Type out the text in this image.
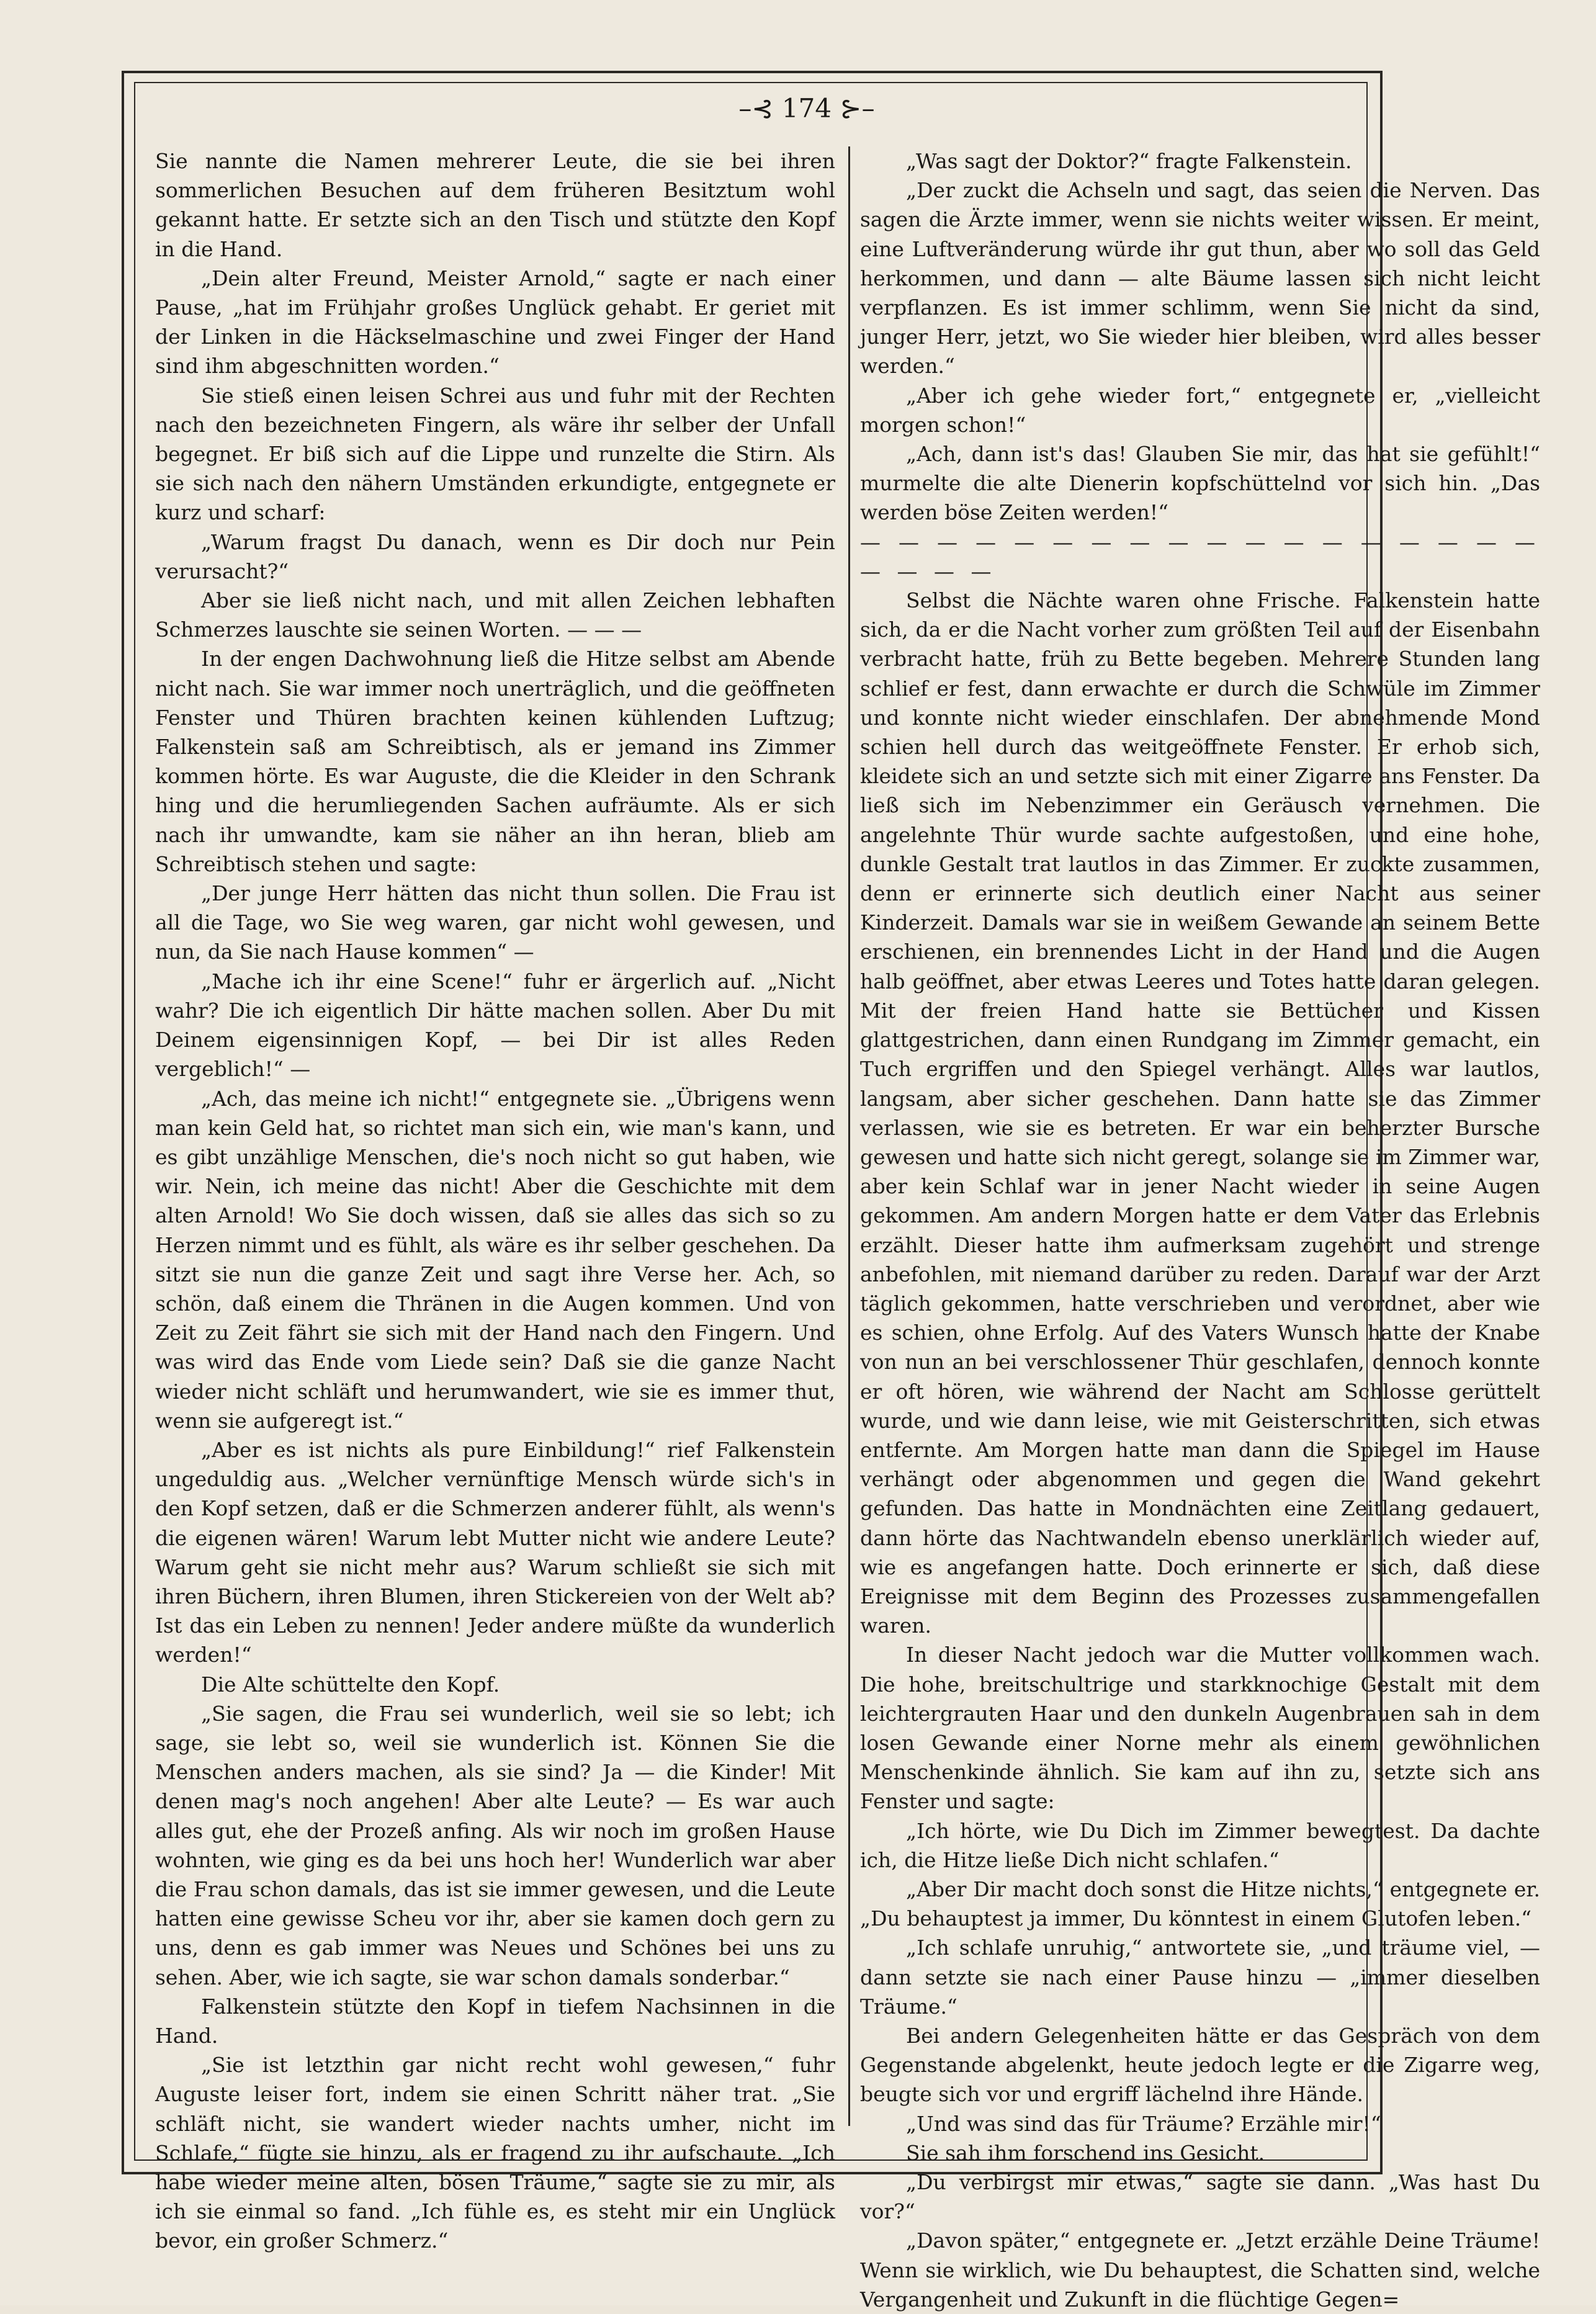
–⊰ 174 ⊱–

Sie nannte die Namen mehrerer Leute, die sie bei ihren sommerlichen Besuchen auf dem früheren Besitztum wohl gekannt hatte. Er setzte sich an den Tisch und stützte den Kopf in die Hand.

„Dein alter Freund, Meister Arnold,“ sagte er nach einer Pause, „hat im Frühjahr großes Unglück gehabt. Er geriet mit der Linken in die Häckselmaschine und zwei Finger der Hand sind ihm abgeschnitten worden.“

Sie stieß einen leisen Schrei aus und fuhr mit der Rechten nach den bezeichneten Fingern, als wäre ihr selber der Unfall begegnet. Er biß sich auf die Lippe und runzelte die Stirn. Als sie sich nach den nähern Umständen erkundigte, entgegnete er kurz und scharf:

„Warum fragst Du danach, wenn es Dir doch nur Pein verursacht?“

Aber sie ließ nicht nach, und mit allen Zeichen lebhaften Schmerzes lauschte sie seinen Worten. — — —

In der engen Dachwohnung ließ die Hitze selbst am Abende nicht nach. Sie war immer noch unerträglich, und die geöffneten Fenster und Thüren brachten keinen kühlenden Luftzug; Falkenstein saß am Schreibtisch, als er jemand ins Zimmer kommen hörte. Es war Auguste, die die Kleider in den Schrank hing und die herumliegenden Sachen aufräumte. Als er sich nach ihr umwandte, kam sie näher an ihn heran, blieb am Schreibtisch stehen und sagte:

„Der junge Herr hätten das nicht thun sollen. Die Frau ist all die Tage, wo Sie weg waren, gar nicht wohl gewesen, und nun, da Sie nach Hause kommen“ —

„Mache ich ihr eine Scene!“ fuhr er ärgerlich auf. „Nicht wahr? Die ich eigentlich Dir hätte machen sollen. Aber Du mit Deinem eigensinnigen Kopf, — bei Dir ist alles Reden vergeblich!“ —

„Ach, das meine ich nicht!“ entgegnete sie. „Übrigens wenn man kein Geld hat, so richtet man sich ein, wie man's kann, und es gibt unzählige Menschen, die's noch nicht so gut haben, wie wir. Nein, ich meine das nicht! Aber die Geschichte mit dem alten Arnold! Wo Sie doch wissen, daß sie alles das sich so zu Herzen nimmt und es fühlt, als wäre es ihr selber geschehen. Da sitzt sie nun die ganze Zeit und sagt ihre Verse her. Ach, so schön, daß einem die Thränen in die Augen kommen. Und von Zeit zu Zeit fährt sie sich mit der Hand nach den Fingern. Und was wird das Ende vom Liede sein? Daß sie die ganze Nacht wieder nicht schläft und herumwandert, wie sie es immer thut, wenn sie aufgeregt ist.“

„Aber es ist nichts als pure Einbildung!“ rief Falkenstein ungeduldig aus. „Welcher vernünftige Mensch würde sich's in den Kopf setzen, daß er die Schmerzen anderer fühlt, als wenn's die eigenen wären! Warum lebt Mutter nicht wie andere Leute? Warum geht sie nicht mehr aus? Warum schließt sie sich mit ihren Büchern, ihren Blumen, ihren Stickereien von der Welt ab? Ist das ein Leben zu nennen! Jeder andere müßte da wunderlich werden!“

Die Alte schüttelte den Kopf.

„Sie sagen, die Frau sei wunderlich, weil sie so lebt; ich sage, sie lebt so, weil sie wunderlich ist. Können Sie die Menschen anders machen, als sie sind? Ja — die Kinder! Mit denen mag's noch angehen! Aber alte Leute? — Es war auch alles gut, ehe der Prozeß anfing. Als wir noch im großen Hause wohnten, wie ging es da bei uns hoch her! Wunderlich war aber die Frau schon damals, das ist sie immer gewesen, und die Leute hatten eine gewisse Scheu vor ihr, aber sie kamen doch gern zu uns, denn es gab immer was Neues und Schönes bei uns zu sehen. Aber, wie ich sagte, sie war schon damals sonderbar.“

Falkenstein stützte den Kopf in tiefem Nachsinnen in die Hand.

„Sie ist letzthin gar nicht recht wohl gewesen,“ fuhr Auguste leiser fort, indem sie einen Schritt näher trat. „Sie schläft nicht, sie wandert wieder nachts umher, nicht im Schlafe,“ fügte sie hinzu, als er fragend zu ihr aufschaute. „Ich habe wieder meine alten, bösen Träume,“ sagte sie zu mir, als ich sie einmal so fand. „Ich fühle es, es steht mir ein Unglück bevor, ein großer Schmerz.“

„Was sagt der Doktor?“ fragte Falkenstein.

„Der zuckt die Achseln und sagt, das seien die Nerven. Das sagen die Ärzte immer, wenn sie nichts weiter wissen. Er meint, eine Luftveränderung würde ihr gut thun, aber wo soll das Geld herkommen, und dann — alte Bäume lassen sich nicht leicht verpflanzen. Es ist immer schlimm, wenn Sie nicht da sind, junger Herr, jetzt, wo Sie wieder hier bleiben, wird alles besser werden.“

„Aber ich gehe wieder fort,“ entgegnete er, „vielleicht morgen schon!“

„Ach, dann ist's das! Glauben Sie mir, das hat sie gefühlt!“ murmelte die alte Dienerin kopfschüttelnd vor sich hin. „Das werden böse Zeiten werden!“

— — — — — — — — — — — — — — — — — — — — — —

Selbst die Nächte waren ohne Frische. Falkenstein hatte sich, da er die Nacht vorher zum größten Teil auf der Eisenbahn verbracht hatte, früh zu Bette begeben. Mehrere Stunden lang schlief er fest, dann erwachte er durch die Schwüle im Zimmer und konnte nicht wieder einschlafen. Der abnehmende Mond schien hell durch das weitgeöffnete Fenster. Er erhob sich, kleidete sich an und setzte sich mit einer Zigarre ans Fenster. Da ließ sich im Nebenzimmer ein Geräusch vernehmen. Die angelehnte Thür wurde sachte aufgestoßen, und eine hohe, dunkle Gestalt trat lautlos in das Zimmer. Er zuckte zusammen, denn er erinnerte sich deutlich einer Nacht aus seiner Kinderzeit. Damals war sie in weißem Gewande an seinem Bette erschienen, ein brennendes Licht in der Hand und die Augen halb geöffnet, aber etwas Leeres und Totes hatte daran gelegen. Mit der freien Hand hatte sie Bettücher und Kissen glattgestrichen, dann einen Rundgang im Zimmer gemacht, ein Tuch ergriffen und den Spiegel verhängt. Alles war lautlos, langsam, aber sicher geschehen. Dann hatte sie das Zimmer verlassen, wie sie es betreten. Er war ein beherzter Bursche gewesen und hatte sich nicht geregt, solange sie im Zimmer war, aber kein Schlaf war in jener Nacht wieder in seine Augen gekommen. Am andern Morgen hatte er dem Vater das Erlebnis erzählt. Dieser hatte ihm aufmerksam zugehört und strenge anbefohlen, mit niemand darüber zu reden. Darauf war der Arzt täglich gekommen, hatte verschrieben und verordnet, aber wie es schien, ohne Erfolg. Auf des Vaters Wunsch hatte der Knabe von nun an bei verschlossener Thür geschlafen, dennoch konnte er oft hören, wie während der Nacht am Schlosse gerüttelt wurde, und wie dann leise, wie mit Geisterschritten, sich etwas entfernte. Am Morgen hatte man dann die Spiegel im Hause verhängt oder abgenommen und gegen die Wand gekehrt gefunden. Das hatte in Mondnächten eine Zeitlang gedauert, dann hörte das Nachtwandeln ebenso unerklärlich wieder auf, wie es angefangen hatte. Doch erinnerte er sich, daß diese Ereignisse mit dem Beginn des Prozesses zusammengefallen waren.

In dieser Nacht jedoch war die Mutter vollkommen wach. Die hohe, breitschultrige und starkknochige Gestalt mit dem leichtergrauten Haar und den dunkeln Augenbrauen sah in dem losen Gewande einer Norne mehr als einem gewöhnlichen Menschenkinde ähnlich. Sie kam auf ihn zu, setzte sich ans Fenster und sagte:

„Ich hörte, wie Du Dich im Zimmer bewegtest. Da dachte ich, die Hitze ließe Dich nicht schlafen.“

„Aber Dir macht doch sonst die Hitze nichts,“ entgegnete er. „Du behauptest ja immer, Du könntest in einem Glutofen leben.“

„Ich schlafe unruhig,“ antwortete sie, „und träume viel, — dann setzte sie nach einer Pause hinzu — „immer dieselben Träume.“

Bei andern Gelegenheiten hätte er das Gespräch von dem Gegenstande abgelenkt, heute jedoch legte er die Zigarre weg, beugte sich vor und ergriff lächelnd ihre Hände.

„Und was sind das für Träume? Erzähle mir!“

Sie sah ihm forschend ins Gesicht.

„Du verbirgst mir etwas,“ sagte sie dann. „Was hast Du vor?“

„Davon später,“ entgegnete er. „Jetzt erzähle Deine Träume! Wenn sie wirklich, wie Du behauptest, die Schatten sind, welche Vergangenheit und Zukunft in die flüchtige Gegen=
